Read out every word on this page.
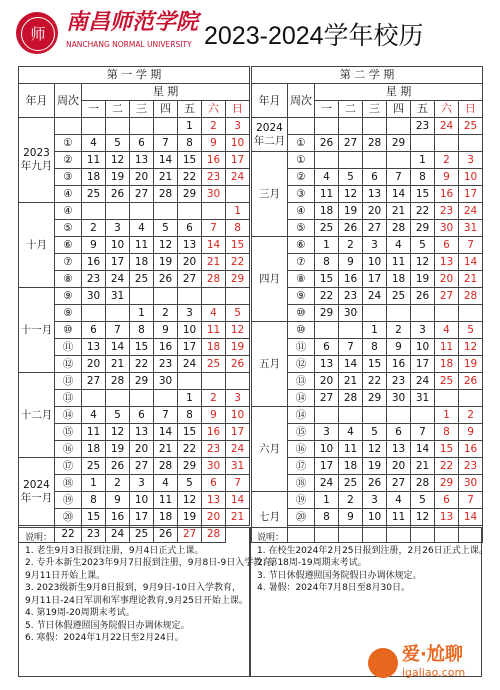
师 南昌师范学院
NANCHANG NORMAL UNIVERSITY 2023-2024学年校历
第 一 学 期								
年月	周次	星 期						
		一	二	三	四	五	六	日
2023年九月						1	2	3
	①	4	5	6	7	8	9	10
	②	11	12	13	14	15	16	17
	③	18	19	20	21	22	23	24
	④	25	26	27	28	29	30	
十月	④							1
	⑤	2	3	4	5	6	7	8
	⑥	9	10	11	12	13	14	15
	⑦	16	17	18	19	20	21	22
	⑧	23	24	25	26	27	28	29
十一月	⑨	30	31					
	⑨			1	2	3	4	5
	⑩	6	7	8	9	10	11	12
	⑪	13	14	15	16	17	18	19
	⑫	20	21	22	23	24	25	26
十二月	⑬	27	28	29	30			
	⑬					1	2	3
	⑭	4	5	6	7	8	9	10
	⑮	11	12	13	14	15	16	17
	⑯	18	19	20	21	22	23	24
2024年一月	⑰	25	26	27	28	29	30	31
	⑱	1	2	3	4	5	6	7
	⑲	8	9	10	11	12	13	14
	⑳	15	16	17	18	19	20	21
	22	23	24	25	26	27	28	
第 二 学 期								
年月	周次	星 期						
		一	二	三	四	五	六	日
2024年二月						23	24	25
	①	26	27	28	29			
三月	①					1	2	3
	②	4	5	6	7	8	9	10
	③	11	12	13	14	15	16	17
	④	18	19	20	21	22	23	24
	⑤	25	26	27	28	29	30	31
四月	⑥	1	2	3	4	5	6	7
	⑦	8	9	10	11	12	13	14
	⑧	15	16	17	18	19	20	21
	⑨	22	23	24	25	26	27	28
	⑩	29	30					
五月	⑩			1	2	3	4	5
	⑪	6	7	8	9	10	11	12
	⑫	13	14	15	16	17	18	19
	⑬	20	21	22	23	24	25	26
	⑭	27	28	29	30	31		
六月	⑭						1	2
	⑮	3	4	5	6	7	8	9
	⑯	10	11	12	13	14	15	16
	⑰	17	18	19	20	21	22	23
	⑱	24	25	26	27	28	29	30
七月	⑲	1	2	3	4	5	6	7
	⑳	8	9	10	11	12	13	14

说明：
1. 老生9月3日报到注册，9月4日正式上课。
2. 专升本新生2023年9月7日报到注册，9月8日-9日入学教育,
9月11日开始上课。
3. 2023级新生9月8日报到，9月9日-10日入学教育，
9月11日-24日军训和军事理论教育,9月25日开始上课。
4. 第19周-20周期末考试。
5. 节日休假遵照国务院假日办调休规定。
6. 寒假：2024年1月22日至2月24日。
说明：
1. 在校生2024年2月25日报到注册，2月26日正式上课。
2. 第18周-19周期末考试。
3. 节日休假遵照国务院假日办调休规定。
4. 暑假：2024年7月8日至8月30日。
爱·尬聊
igaliao.com
